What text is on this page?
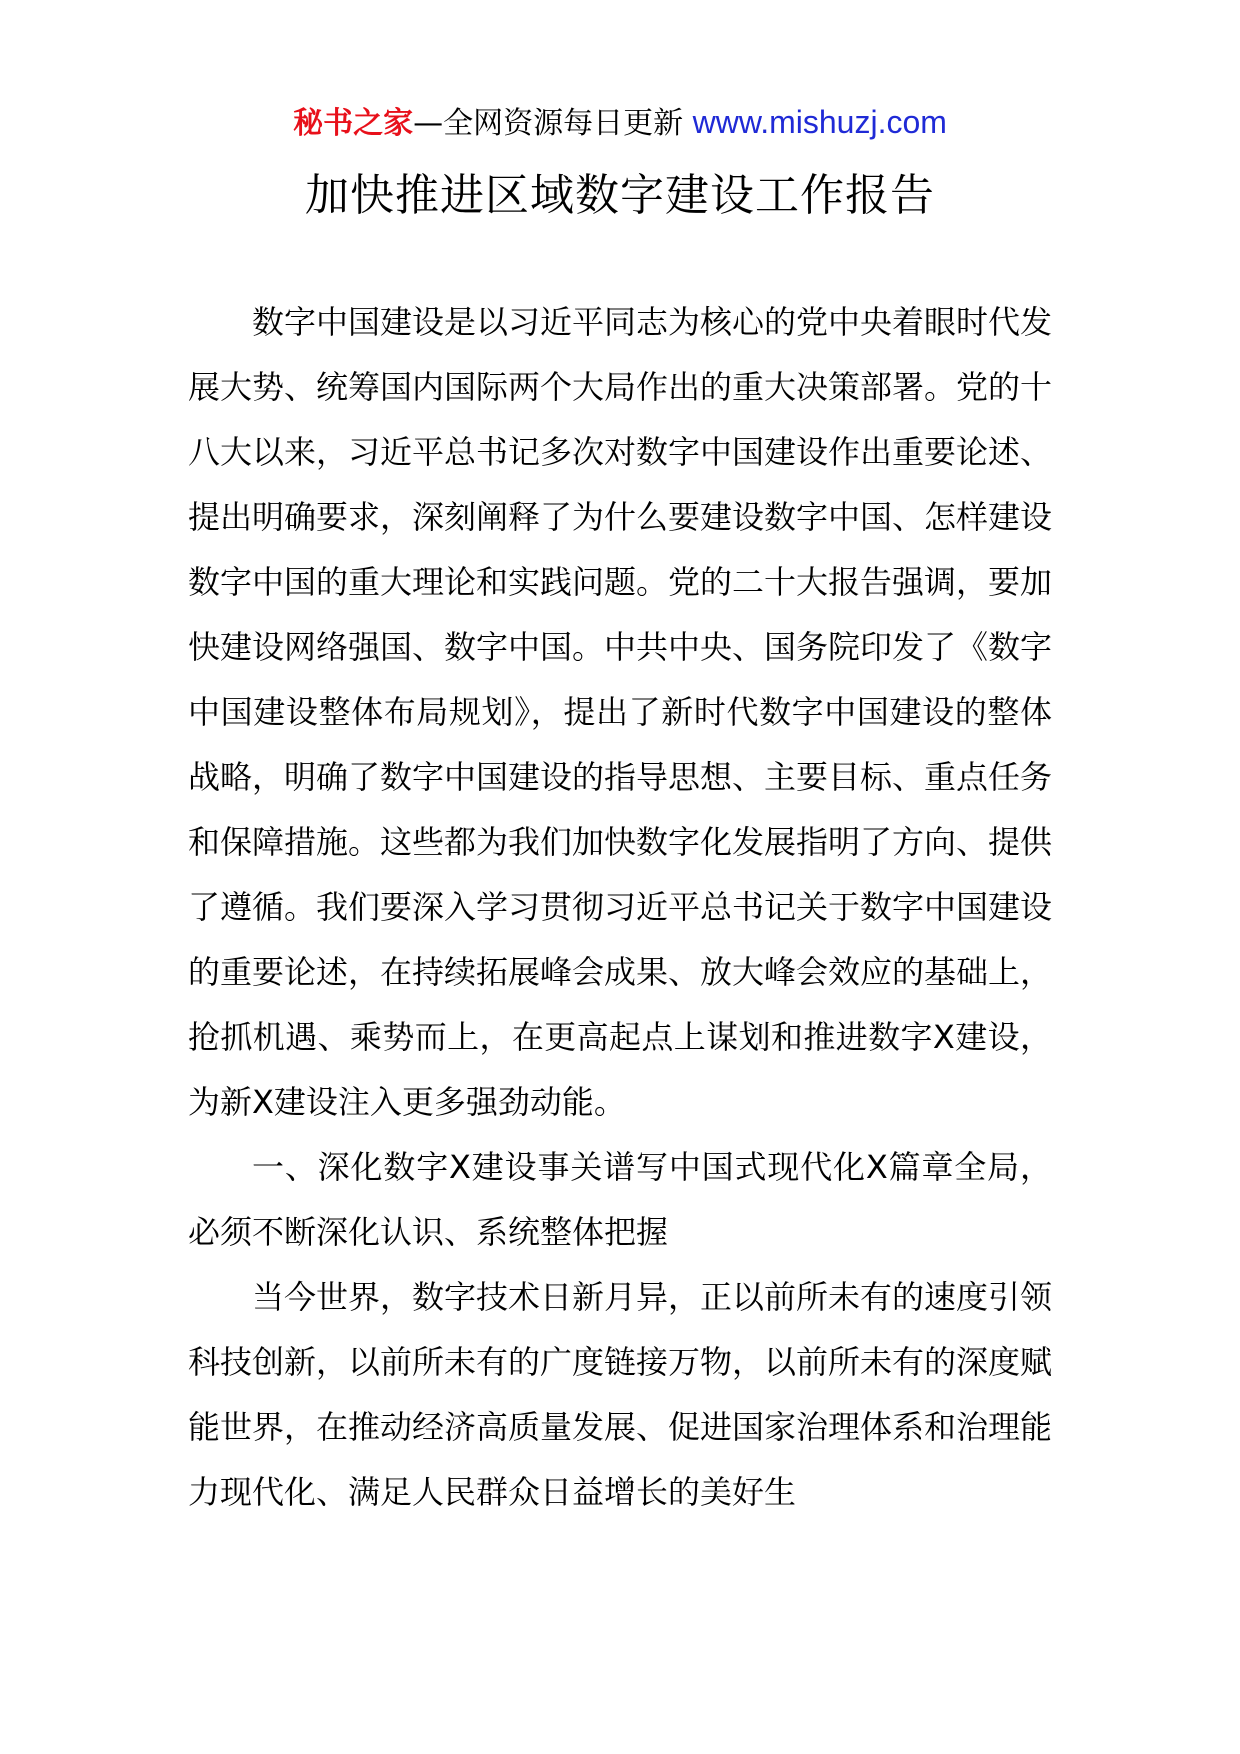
秘书之家—全网资源每日更新 www.mishuzj.com
加快推进区域数字建设工作报告

数字中国建设是以习近平同志为核心的党中央着眼时代发展大势、统筹国内国际两个大局作出的重大决策部署。党的十八大以来，习近平总书记多次对数字中国建设作出重要论述、提出明确要求，深刻阐释了为什么要建设数字中国、怎样建设数字中国的重大理论和实践问题。党的二十大报告强调，要加快建设网络强国、数字中国。中共中央、国务院印发了《数字中国建设整体布局规划》，提出了新时代数字中国建设的整体战略，明确了数字中国建设的指导思想、主要目标、重点任务和保障措施。这些都为我们加快数字化发展指明了方向、提供了遵循。我们要深入学习贯彻习近平总书记关于数字中国建设的重要论述，在持续拓展峰会成果、放大峰会效应的基础上，抢抓机遇、乘势而上，在更高起点上谋划和推进数字X建设，为新X建设注入更多强劲动能。

一、深化数字X建设事关谱写中国式现代化X篇章全局，必须不断深化认识、系统整体把握

当今世界，数字技术日新月异，正以前所未有的速度引领科技创新，以前所未有的广度链接万物，以前所未有的深度赋能世界，在推动经济高质量发展、促进国家治理体系和治理能力现代化、满足人民群众日益增长的美好生
